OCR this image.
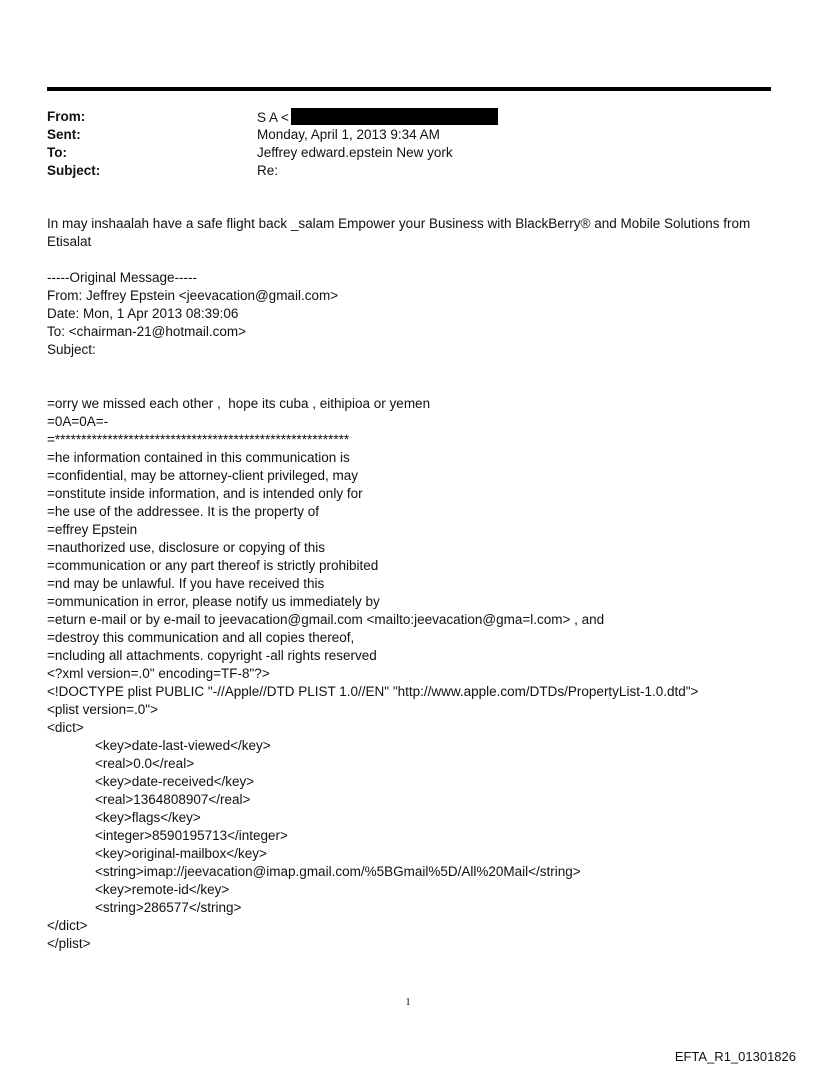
From:	S A <
Sent:	Monday, April 1, 2013 9:34 AM
To:	Jeffrey edward.epstein New york
Subject:	Re:
In may inshaalah have a safe flight back _salam Empower your Business with BlackBerry® and Mobile Solutions from Etisalat
-----Original Message-----
From: Jeffrey Epstein <jeevacation@gmail.com>
Date: Mon, 1 Apr 2013 08:39:06
To: <chairman-21@hotmail.com>
Subject:
=orry we missed each other ,  hope its cuba , eithipioa or yemen
=0A=0A=-
=********************************************************
=he information contained in this communication is
=confidential, may be attorney-client privileged, may
=onstitute inside information, and is intended only for
=he use of the addressee. It is the property of
=effrey Epstein
=nauthorized use, disclosure or copying of this
=communication or any part thereof is strictly prohibited
=nd may be unlawful. If you have received this
=ommunication in error, please notify us immediately by
=eturn e-mail or by e-mail to jeevacation@gmail.com <mailto:jeevacation@gma=l.com> , and
=destroy this communication and all copies thereof,
=ncluding all attachments. copyright -all rights reserved
<?xml version=.0" encoding=TF-8"?>
<!DOCTYPE plist PUBLIC "-//Apple//DTD PLIST 1.0//EN" "http://www.apple.com/DTDs/PropertyList-1.0.dtd">
<plist version=.0">
<dict>
<key>date-last-viewed</key>
<real>0.0</real>
<key>date-received</key>
<real>1364808907</real>
<key>flags</key>
<integer>8590195713</integer>
<key>original-mailbox</key>
<string>imap://jeevacation@imap.gmail.com/%5BGmail%5D/All%20Mail</string>
<key>remote-id</key>
<string>286577</string>
</dict>
</plist>
1
EFTA_R1_01301826
